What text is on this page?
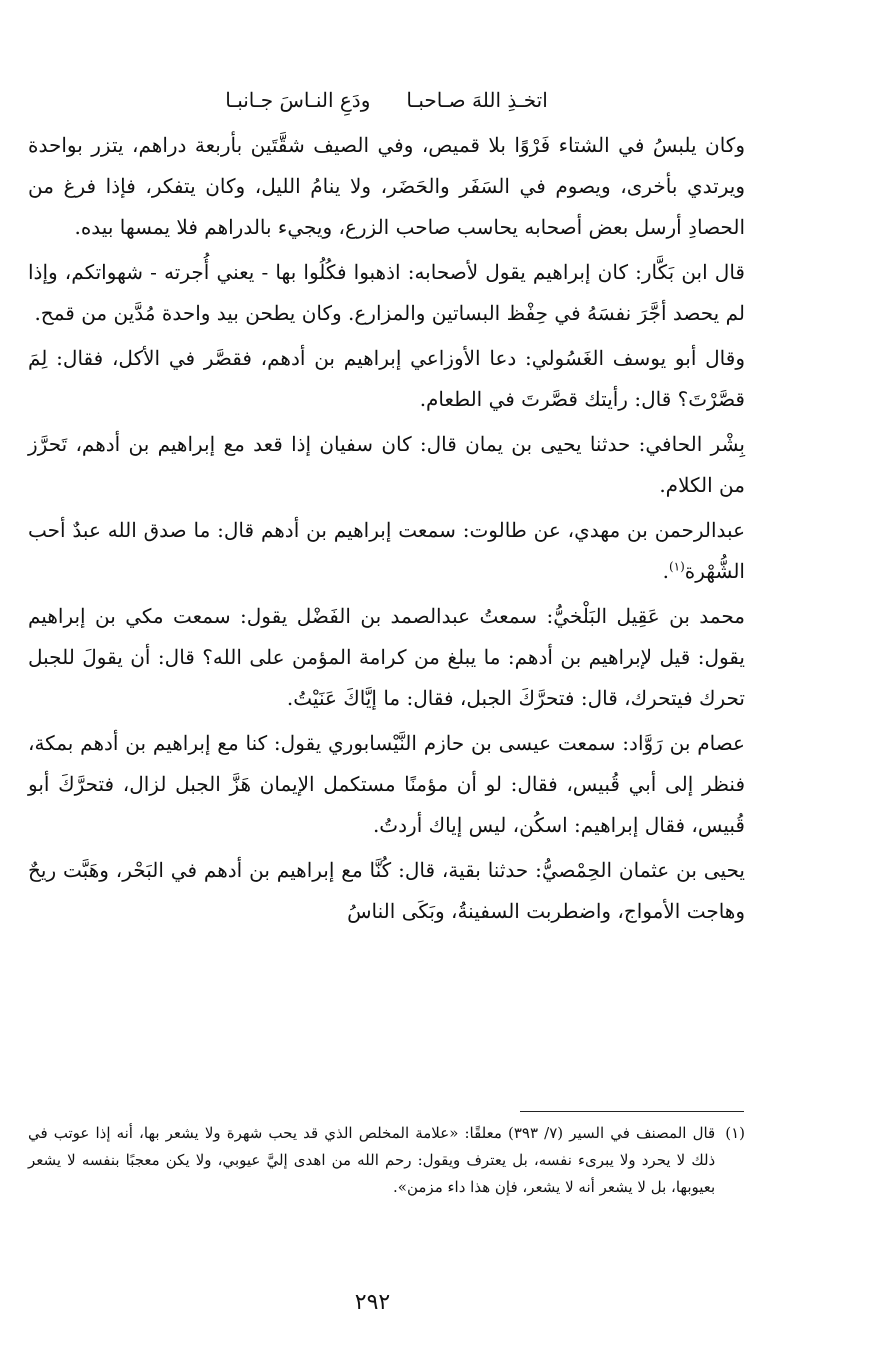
اتخـذِ اللهَ صـاحبـا
ودَعِ النـاسَ جـانبـا

وكان يلبسُ في الشتاء فَرْوًا بلا قميص، وفي الصيف شقَّتَين بأربعة دراهم، يتزر بواحدة ويرتدي بأخرى، ويصوم في السَفَر والحَضَر، ولا ينامُ الليل، وكان يتفكر، فإذا فرغ من الحصادِ أرسل بعض أصحابه يحاسب صاحب الزرع، ويجيء بالدراهم فلا يمسها بيده.

قال ابن بَكَّار: كان إبراهيم يقول لأصحابه: اذهبوا فكُلُوا بها - يعني أُجرته - شهواتكم، وإذا لم يحصد أجَّرَ نفسَهُ في حِفْظ البساتين والمزارع. وكان يطحن بيد واحدة مُدَّين من قمح.

وقال أبو يوسف الغَسُولي: دعا الأوزاعي إبراهيم بن أدهم، فقصَّر في الأكل، فقال: لِمَ قصَّرْتَ؟ قال: رأيتك قصَّرتَ في الطعام.

بِشْر الحافي: حدثنا يحيى بن يمان قال: كان سفيان إذا قعد مع إبراهيم بن أدهم، تَحرَّز من الكلام.

عبدالرحمن بن مهدي، عن طالوت: سمعت إبراهيم بن أدهم قال: ما صدق الله عبدٌ أحب الشُّهْرة$^{(١)}$.

محمد بن عَقِيل البَلْخيُّ: سمعتُ عبدالصمد بن الفَضْل يقول: سمعت مكي بن إبراهيم يقول: قيل لإبراهيم بن أدهم: ما يبلغ من كرامة المؤمن على الله؟ قال: أن يقولَ للجبل تحرك فيتحرك، قال: فتحرَّكَ الجبل، فقال: ما إيَّاكَ عَنَيْتُ.

عصام بن رَوَّاد: سمعت عيسى بن حازم النَّيْسابوري يقول: كنا مع إبراهيم بن أدهم بمكة، فنظر إلى أبي قُبيس، فقال: لو أن مؤمنًا مستكمل الإيمان هَزَّ الجبل لزال، فتحرَّكَ أبو قُبيس، فقال إبراهيم: اسكُن، ليس إياك أردتُ.

يحيى بن عثمان الحِمْصيُّ: حدثنا بقية، قال: كُنَّا مع إبراهيم بن أدهم في البَحْر، وهَبَّت ريحٌ وهاجت الأمواج، واضطربت السفينةُ، وبَكَى الناسُ

(١)
قال المصنف في السير (٧/ ٣٩٣) معلقًا: «علامة المخلص الذي قد يحب شهرة ولا يشعر بها، أنه إذا عوتب في ذلك لا يحرد ولا يبرىء نفسه، بل يعترف ويقول: رحم الله من اهدى إليَّ عيوبي، ولا يكن معجبًا بنفسه لا يشعر بعيوبها، بل لا يشعر أنه لا يشعر، فإن هذا داء مزمن».
٢٩٢
